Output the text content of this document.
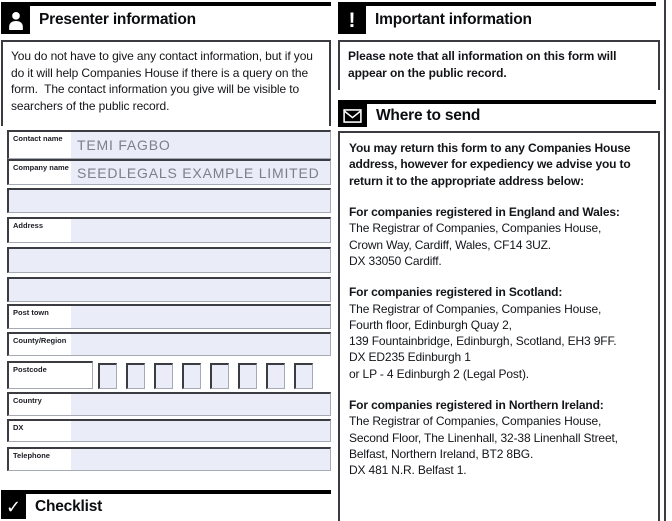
Presenter information
You do not have to give any contact information, but if you do it will help Companies House if there is a query on the form.  The contact information you give will be visible to searchers of the public record.
Contact name	TEMI FAGBO
Company name SEEDLEGALS EXAMPLE LIMITED
Address
Post town
County/Region
Postcode
Country
DX
Telephone
✓ Checklist
! Important information
Please note that all information on this form will appear on the public record.
Where to send
You may return this form to any Companies House address, however for expediency we advise you to return it to the appropriate address below:
For companies registered in England and Wales:
The Registrar of Companies, Companies House,
Crown Way, Cardiff, Wales, CF14 3UZ.
DX 33050 Cardiff.
For companies registered in Scotland:
The Registrar of Companies, Companies House,
Fourth floor, Edinburgh Quay 2,
139 Fountainbridge, Edinburgh, Scotland, EH3 9FF.
DX ED235 Edinburgh 1
or LP - 4 Edinburgh 2 (Legal Post).
For companies registered in Northern Ireland:
The Registrar of Companies, Companies House,
Second Floor, The Linenhall, 32-38 Linenhall Street,
Belfast, Northern Ireland, BT2 8BG.
DX 481 N.R. Belfast 1.
